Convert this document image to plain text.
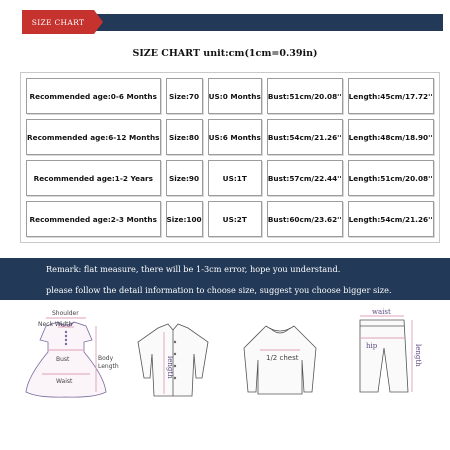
SIZE CHART
SIZE CHART unit:cm(1cm=0.39in)
Recommended age:0-6 Months	Size:70	US:0 Months	Bust:51cm/20.08''	Length:45cm/17.72''
Recommended age:6-12 Months	Size:80	US:6 Months	Bust:54cm/21.26''	Length:48cm/18.90''
Recommended age:1-2 Years	Size:90	US:1T	Bust:57cm/22.44''	Length:51cm/20.08''
Recommended age:2-3 Months	Size:100	US:2T	Bust:60cm/23.62''	Length:54cm/21.26''
Remark: flat measure, there will be 1-3cm error, hope you understand.
please follow the detail information to choose size, suggest you choose bigger size.
Shoulder
Neck Width
Bust
Waist
Body
Length	length	1/2 chest
waist
hip	length
